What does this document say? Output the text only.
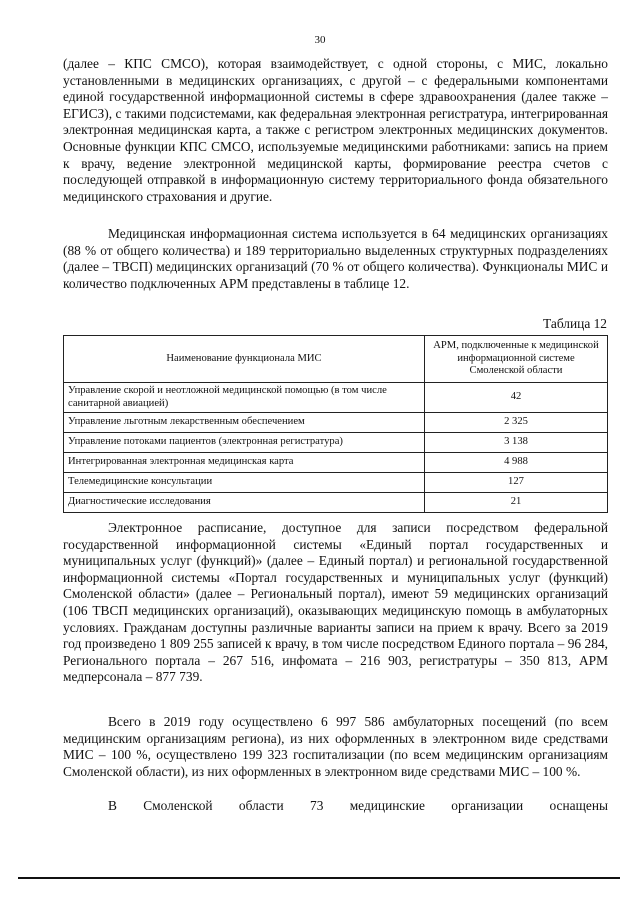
30

(далее – КПС СМСО), которая взаимодействует, с одной стороны, с МИС, локально установленными в медицинских организациях, с другой – с федеральными компонентами единой государственной информационной системы в сфере здравоохранения (далее также – ЕГИСЗ), с такими подсистемами, как федеральная электронная регистратура, интегрированная электронная медицинская карта, а также с регистром электронных медицинских документов. Основные функции КПС СМСО, используемые медицинскими работниками: запись на прием к врачу, ведение электронной медицинской карты, формирование реестра счетов с последующей отправкой в информационную систему территориального фонда обязательного медицинского страхования и другие.

Медицинская информационная система используется в 64 медицинских организациях (88 % от общего количества) и 189 территориально выделенных структурных подразделениях (далее – ТВСП) медицинских организаций (70 % от общего количества). Функционалы МИС и количество подключенных АРМ представлены в таблице 12.

Таблица 12
Наименование функционала МИС	АРМ, подключенные к медицинской информационной системе Смоленской области
Управление скорой и неотложной медицинской помощью (в том числе санитарной авиацией)	42
Управление льготным лекарственным обеспечением	2 325
Управление потоками пациентов (электронная регистратура)	3 138
Интегрированная электронная медицинская карта	4 988
Телемедицинские консультации	127
Диагностические исследования	21

Электронное расписание, доступное для записи посредством федеральной государственной информационной системы «Единый портал государственных и муниципальных услуг (функций)» (далее – Единый портал) и региональной государственной информационной системы «Портал государственных и муниципальных услуг (функций) Смоленской области» (далее – Региональный портал), имеют 59 медицинских организаций (106 ТВСП медицинских организаций), оказывающих медицинскую помощь в амбулаторных условиях. Гражданам доступны различные варианты записи на прием к врачу. Всего за 2019 год произведено 1 809 255 записей к врачу, в том числе посредством Единого портала – 96 284, Регионального портала – 267 516, инфомата – 216 903, регистратуры – 350 813, АРМ медперсонала – 877 739.

Всего в 2019 году осуществлено 6 997 586 амбулаторных посещений (по всем медицинским организациям региона), из них оформленных в электронном виде средствами МИС – 100 %, осуществлено 199 323 госпитализации (по всем медицинским организациям Смоленской области), из них оформленных в электронном виде средствами МИС – 100 %.

В Смоленской области 73 медицинские организации оснащены
